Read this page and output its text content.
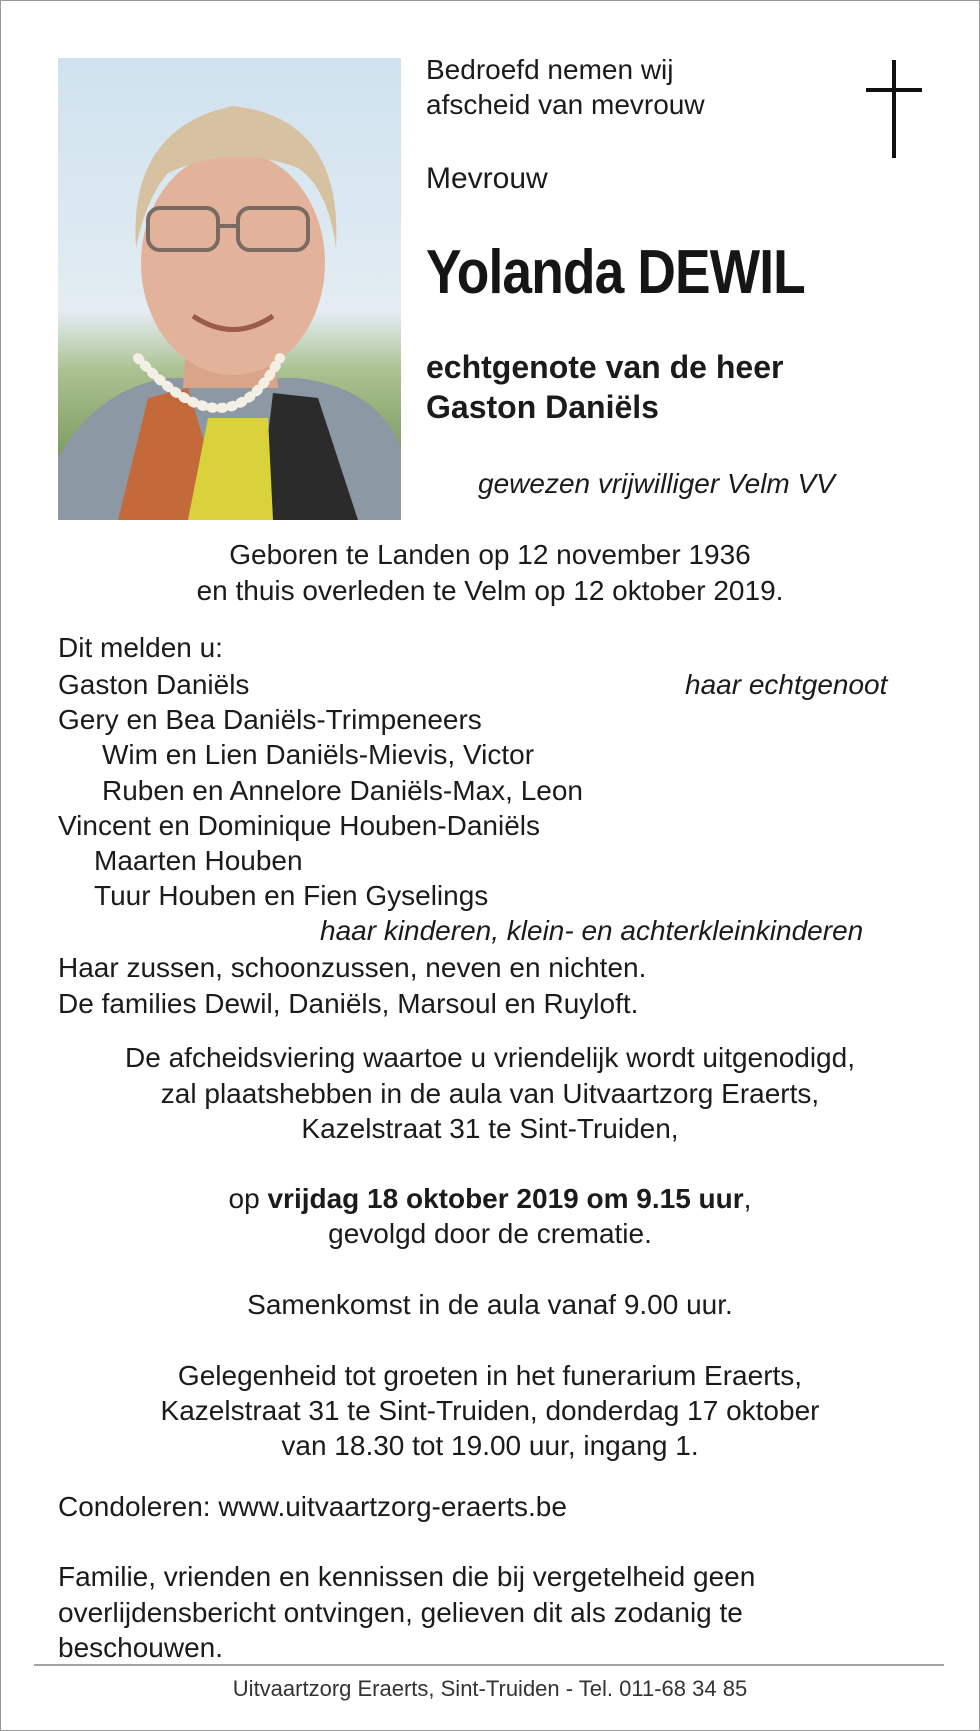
Bedroefd nemen wij
afscheid van mevrouw
Mevrouw
Yolanda DEWIL
echtgenote van de heer
Gaston Daniëls
gewezen vrijwilliger Velm VV
Geboren te Landen op 12 november 1936
en thuis overleden te Velm op 12 oktober 2019.
Dit melden u:
Gaston Daniëls	haar echtgenoot
Gery en Bea Daniëls-Trimpeneers
Wim en Lien Daniëls-Mievis, Victor
Ruben en Annelore Daniëls-Max, Leon
Vincent en Dominique Houben-Daniëls
Maarten Houben
Tuur Houben en Fien Gyselings
haar kinderen, klein- en achterkleinkinderen
Haar zussen, schoonzussen, neven en nichten.
De families Dewil, Daniëls, Marsoul en Ruyloft.
De afcheidsviering waartoe u vriendelijk wordt uitgenodigd,
zal plaatshebben in de aula van Uitvaartzorg Eraerts,
Kazelstraat 31 te Sint-Truiden,
op vrijdag 18 oktober 2019 om 9.15 uur,
gevolgd door de crematie.
Samenkomst in de aula vanaf 9.00 uur.
Gelegenheid tot groeten in het funerarium Eraerts,
Kazelstraat 31 te Sint-Truiden, donderdag 17 oktober
van 18.30 tot 19.00 uur, ingang 1.
Condoleren: www.uitvaartzorg-eraerts.be
Familie, vrienden en kennissen die bij vergetelheid geen
overlijdensbericht ontvingen, gelieven dit als zodanig te
beschouwen.
Uitvaartzorg Eraerts, Sint-Truiden - Tel. 011-68 34 85
